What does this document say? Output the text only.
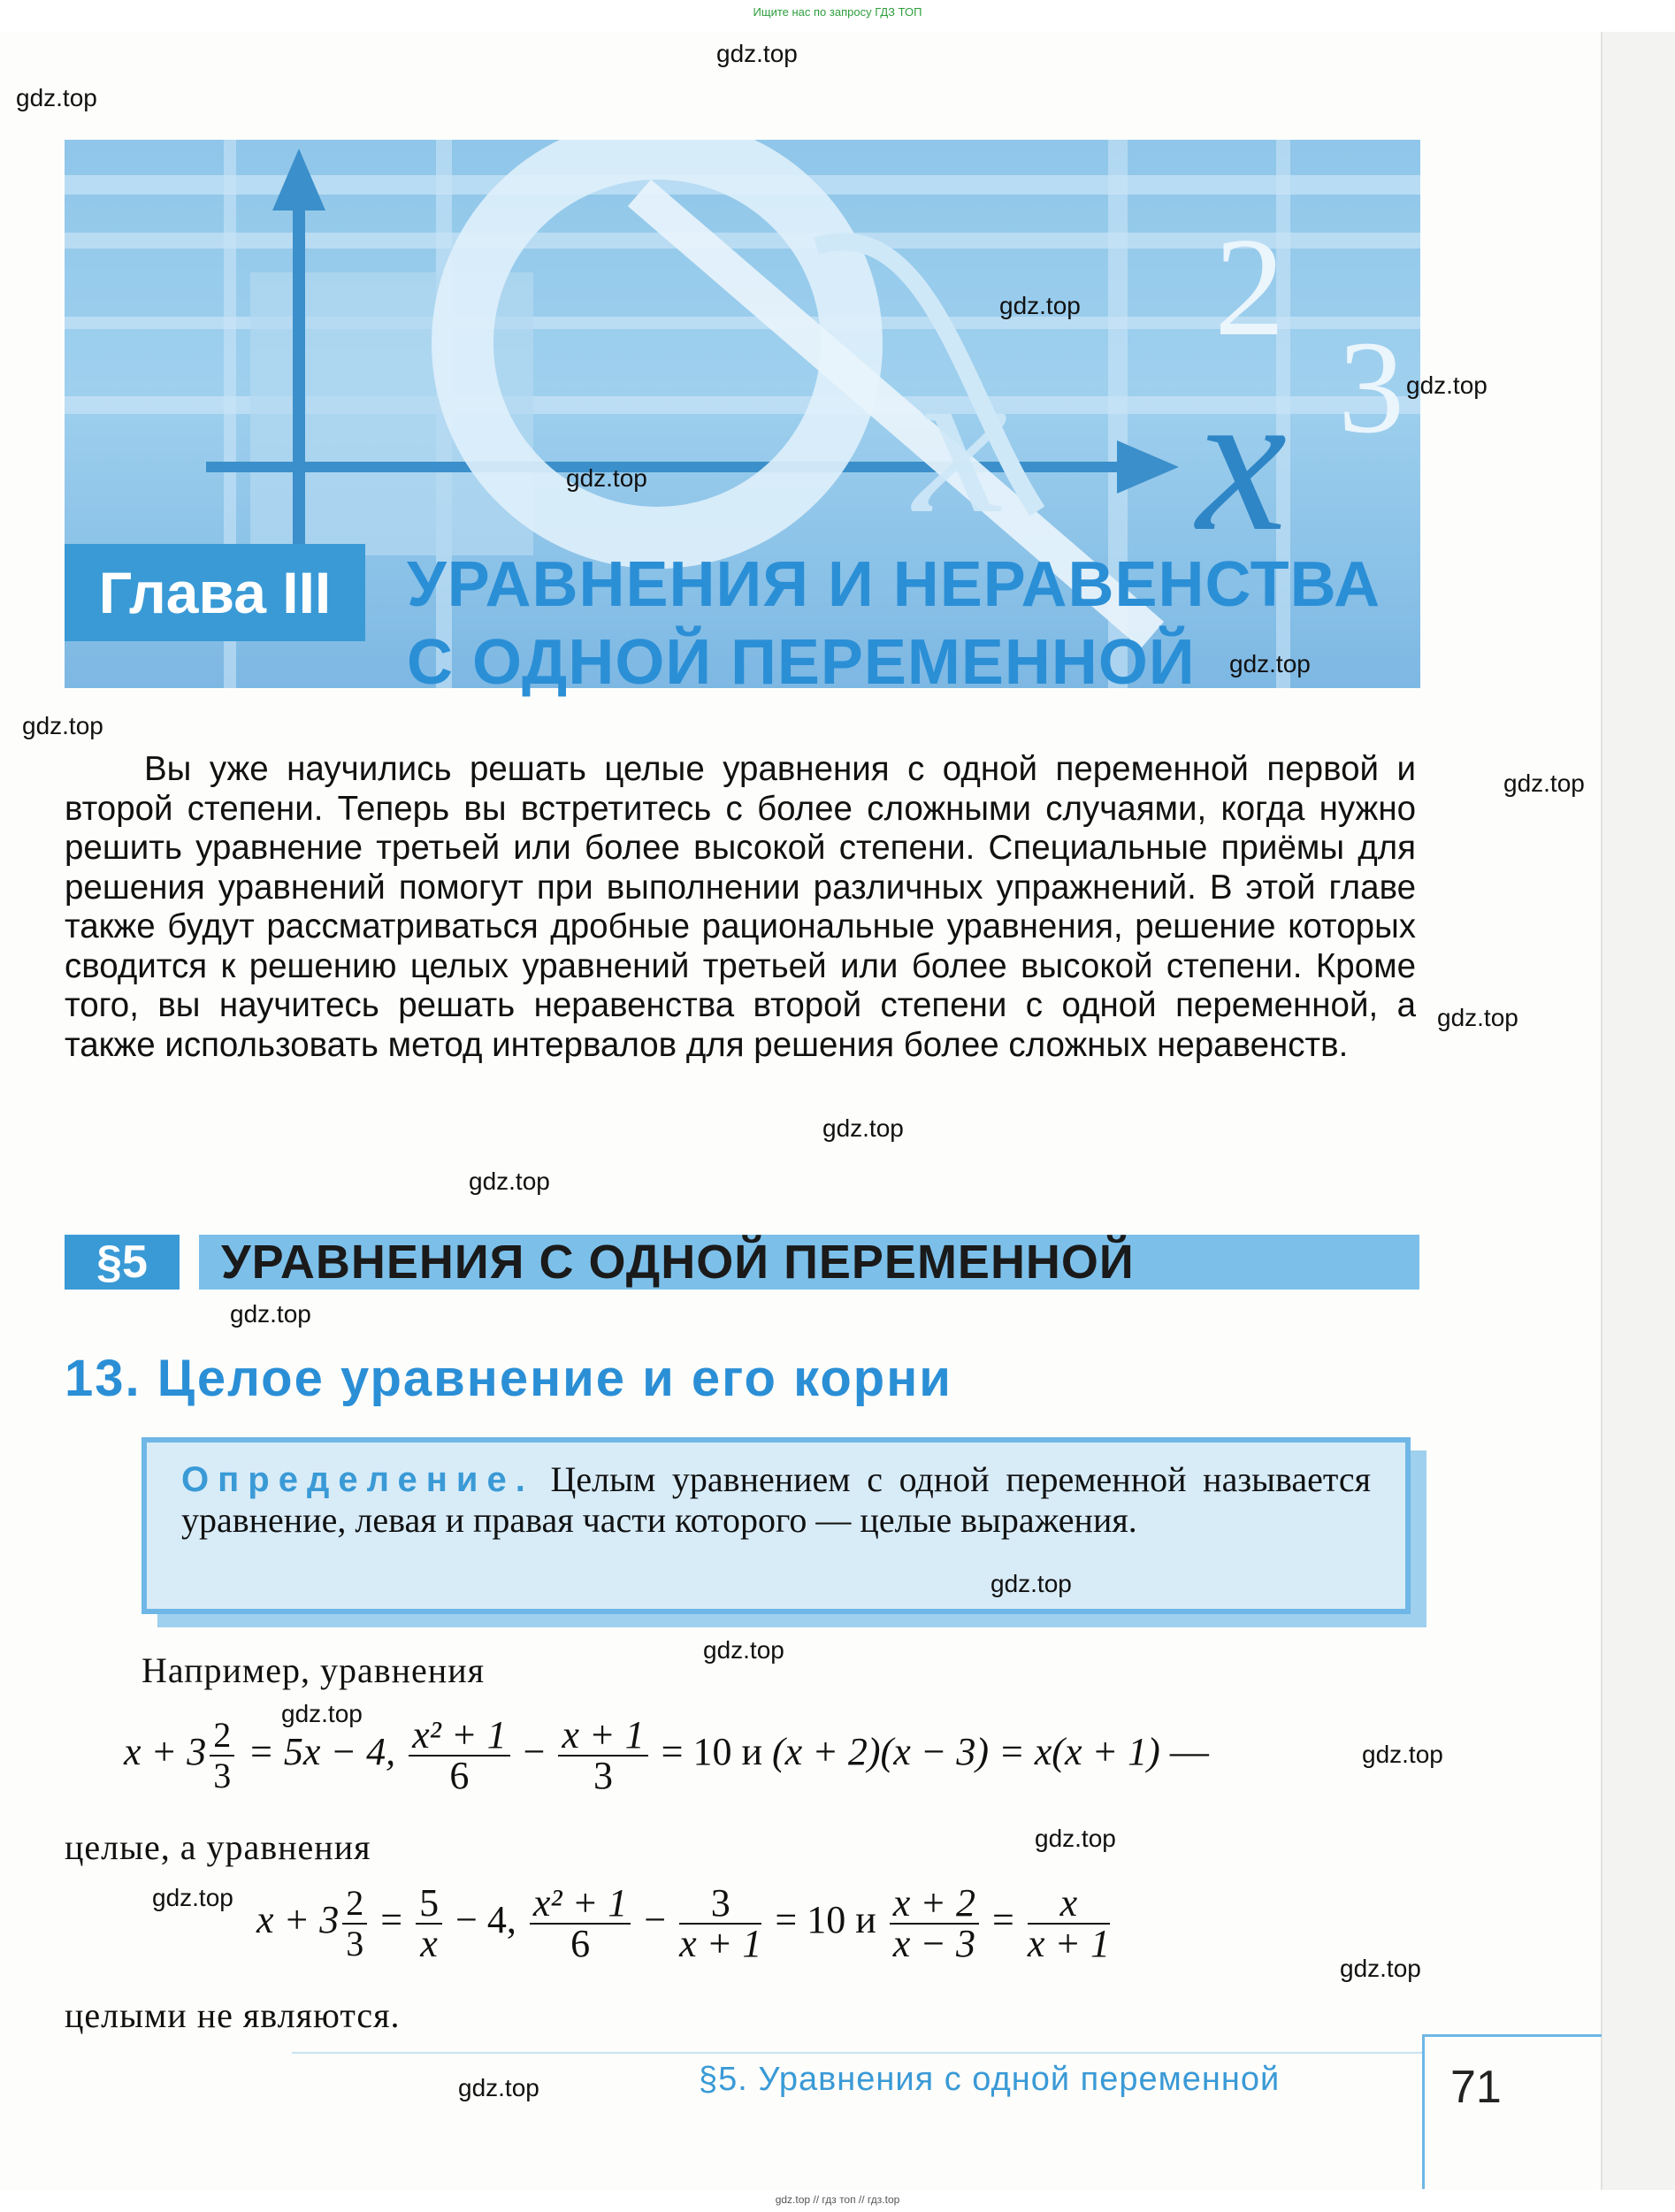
Ищите нас по запросу ГДЗ ТОП
x
2
x 3
Глава III	УРАВНЕНИЯ И НЕРАВЕНСТВА
С ОДНОЙ ПЕРЕМЕННОЙ

Вы уже научились решать целые уравнения с одной переменной первой и второй степени. Теперь вы встретитесь с более сложными случаями, когда нужно решить уравнение третьей или более высокой степени. Специальные приёмы для решения уравнений помогут при выполнении различных упражнений. В этой главе также будут рассматриваться дробные рациональные уравнения, решение которых сводится к решению целых уравнений третьей или более высокой степени. Кроме того, вы научитесь решать неравенства второй степени с одной переменной, а также использовать метод интервалов для решения более сложных неравенств.

§5	УРАВНЕНИЯ С ОДНОЙ ПЕРЕМЕННОЙ
13. Целое уравнение и его корни
Определение. Целым уравнением с одной переменной называется уравнение, левая и правая части которого — целые выражения.
Например, уравнения
$x + 3 \frac{2}{3} = 5x - 4$, $\frac{\text{x² + 1}}{6} - \frac{x + 1}{3} = 10$ и (x + 2)(x − 3) = x(x + 1) —
целые, а уравнения
$x + 3 \frac{2}{3} = \frac{5}{x} - 4$, $\frac{\text{x² + 1}}{6} - \frac{3}{x + 1} = 10$ и $\frac{x + 2}{x - 3} = \frac{x}{x + 1}$
целыми не являются.
§5. Уравнения с одной переменной	71
gdz.top // гдз топ // гдз.top
gdz.top
gdz.top
gdz.top
gdz.top
gdz.top
gdz.top
gdz.top
gdz.top
gdz.top
gdz.top
gdz.top
gdz.top
gdz.top
gdz.top
gdz.top
gdz.top
gdz.top
gdz.top
gdz.top
gdz.top
